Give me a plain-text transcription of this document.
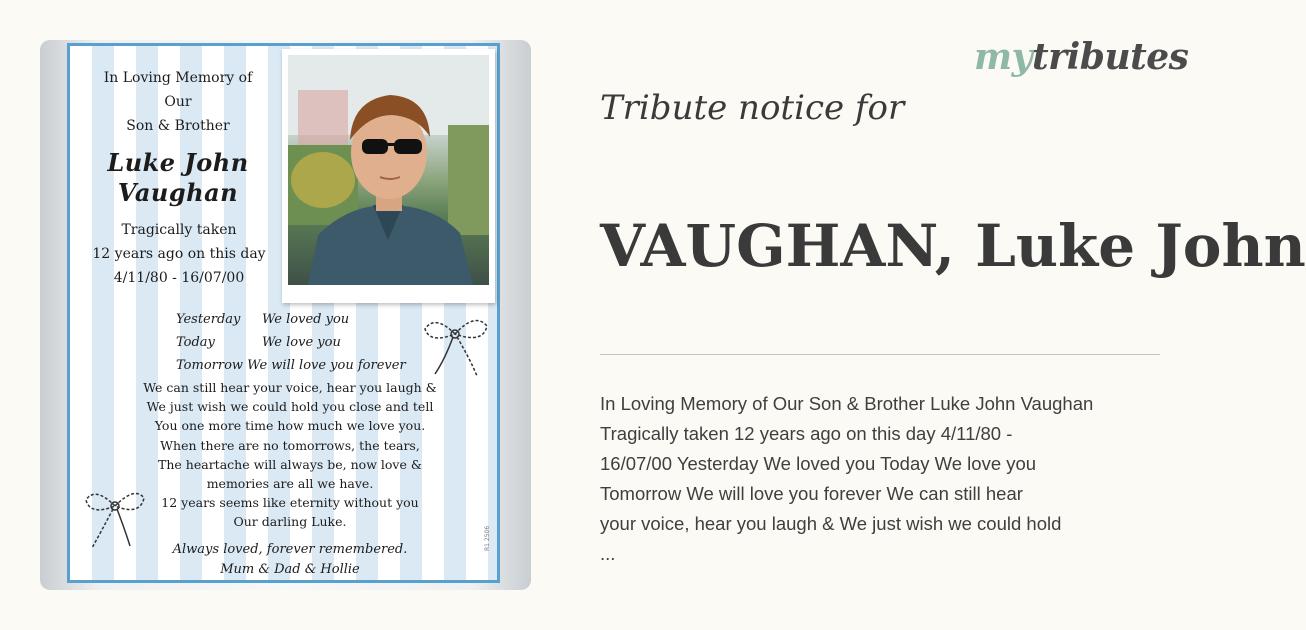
mytributes
In Loving Memory of
Our
Son & Brother
Luke John
Vaughan
Tragically taken
12 years ago on this day
4/11/80 - 16/07/00
Yesterday We loved you
Today	We love you
Tomorrow We will love you forever
We can still hear your voice, hear you laugh &
We just wish we could hold you close and tell
You one more time how much we love you.
When there are no tomorrows, the tears,
The heartache will always be, now love &
memories are all we have.
12 years seems like eternity without you
Our darling Luke.
Always loved, forever remembered.
Mum & Dad & Hollie
R1 2506
Tribute notice for
VAUGHAN, Luke John
In Loving Memory of Our Son & Brother Luke John Vaughan
Tragically taken 12 years ago on this day 4/11/80 -
16/07/00 Yesterday We loved you Today We love you
Tomorrow We will love you forever We can still hear
your voice, hear you laugh & We just wish we could hold
...
